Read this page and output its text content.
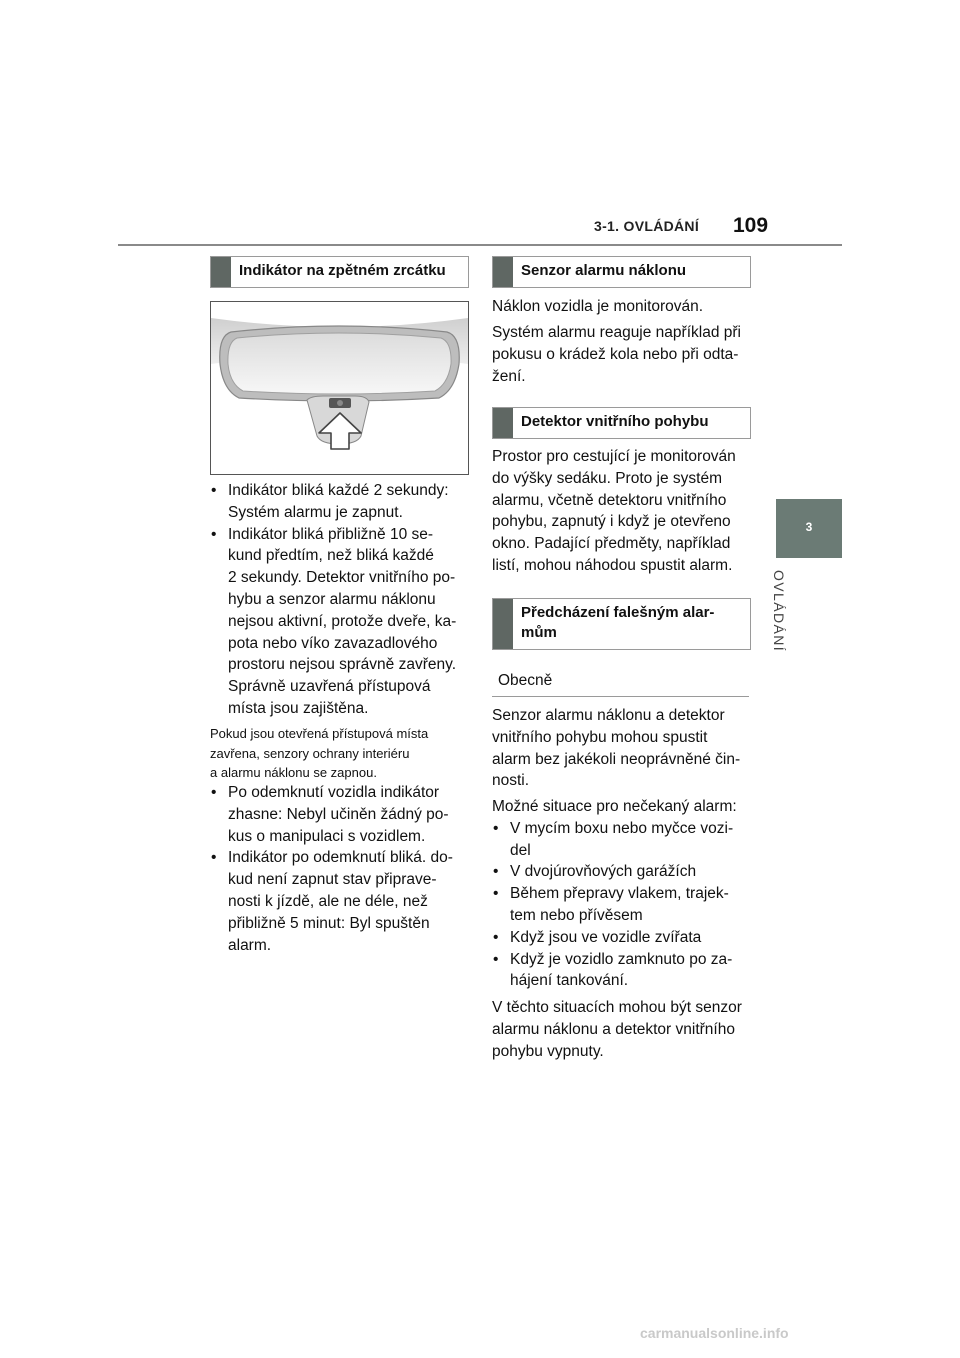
3-1. OVLÁDÁNÍ 109
3
OVLÁDÁNÍ
Indikátor na zpětném zrcátku
• Indikátor bliká každé 2 sekundy:
Systém alarmu je zapnut.
• Indikátor bliká přibližně 10 se-
kund předtím, než bliká každé
2 sekundy. Detektor vnitřního po-
hybu a senzor alarmu náklonu
nejsou aktivní, protože dveře, ka-
pota nebo víko zavazadlového
prostoru nejsou správně zavřeny.
Správně uzavřená přístupová
místa jsou zajištěna.
Pokud jsou otevřená přístupová místa
zavřena, senzory ochrany interiéru
a alarmu náklonu se zapnou.
• Po odemknutí vozidla indikátor
zhasne: Nebyl učiněn žádný po-
kus o manipulaci s vozidlem.
• Indikátor po odemknutí bliká. do-
kud není zapnut stav připrave-
nosti k jízdě, ale ne déle, než
přibližně 5 minut: Byl spuštěn
alarm.
Senzor alarmu náklonu
Náklon vozidla je monitorován.
Systém alarmu reaguje například při
pokusu o krádež kola nebo při odta-
žení.
Detektor vnitřního pohybu
Prostor pro cestující je monitorován
do výšky sedáku. Proto je systém
alarmu, včetně detektoru vnitřního
pohybu, zapnutý i když je otevřeno
okno. Padající předměty, například
listí, mohou náhodou spustit alarm.
Předcházení falešným alar-
mům
Obecně
Senzor alarmu náklonu a detektor
vnitřního pohybu mohou spustit
alarm bez jakékoli neoprávněné čin-
nosti.
Možné situace pro nečekaný alarm:
• V mycím boxu nebo myčce vozi-
del
• V dvojúrovňových garážích
• Během přepravy vlakem, trajek-
tem nebo přívěsem
• Když jsou ve vozidle zvířata
• Když je vozidlo zamknuto po za-
hájení tankování.
V těchto situacích mohou být senzor
alarmu náklonu a detektor vnitřního
pohybu vypnuty.
carmanualsonline.info
